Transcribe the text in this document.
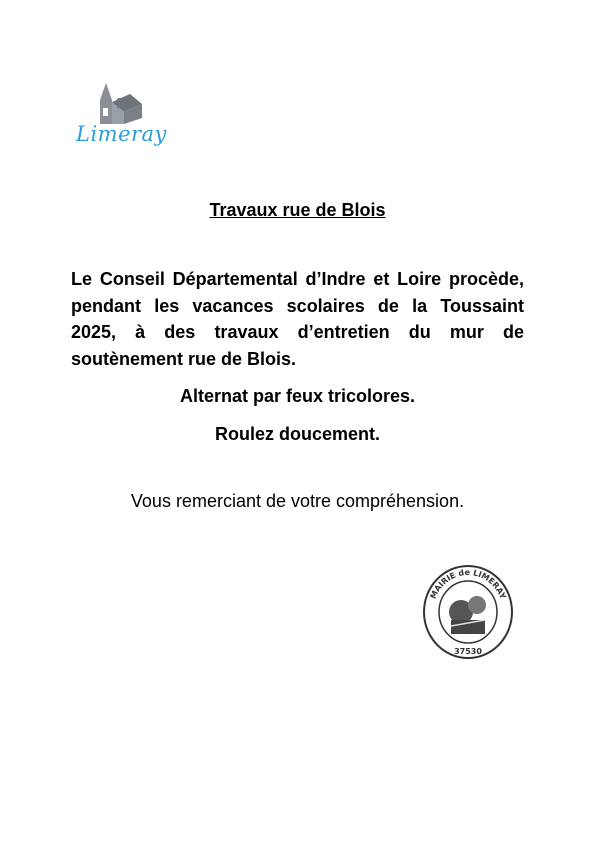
Limeray
Travaux rue de Blois
Le Conseil Départemental d’Indre et Loire procède, pendant les vacances scolaires de la Toussaint 2025, à des travaux d’entretien du mur de soutènement rue de Blois.
Alternat par feux tricolores.
Roulez doucement.
Vous remerciant de votre compréhension.
MAIRIE de LIMERAY
37530
